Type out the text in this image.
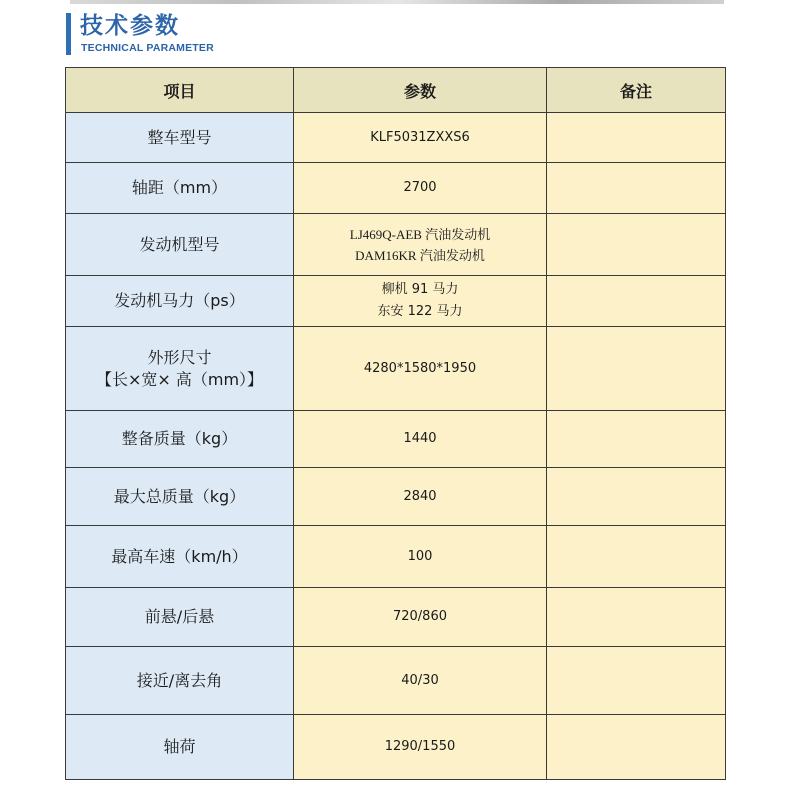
技术参数
TECHNICAL PARAMETER
项目	参数	备注

整车型号	KLF5031ZXXS6	

轴距（mm）	2700	

发动机型号	LJ469Q-AEB 汽油发动机
DAM16KR 汽油发动机	

发动机马力（ps）	柳机 91 马力
东安 122 马力	

外形尺寸
【长×宽× 高（mm）】	4280*1580*1950	

整备质量（kg）	1440	

最大总质量（kg）	2840	

最高车速（km/h）	100	

前悬/后悬	720/860	

接近/离去角	40/30	

轴荷	1290/1550	
